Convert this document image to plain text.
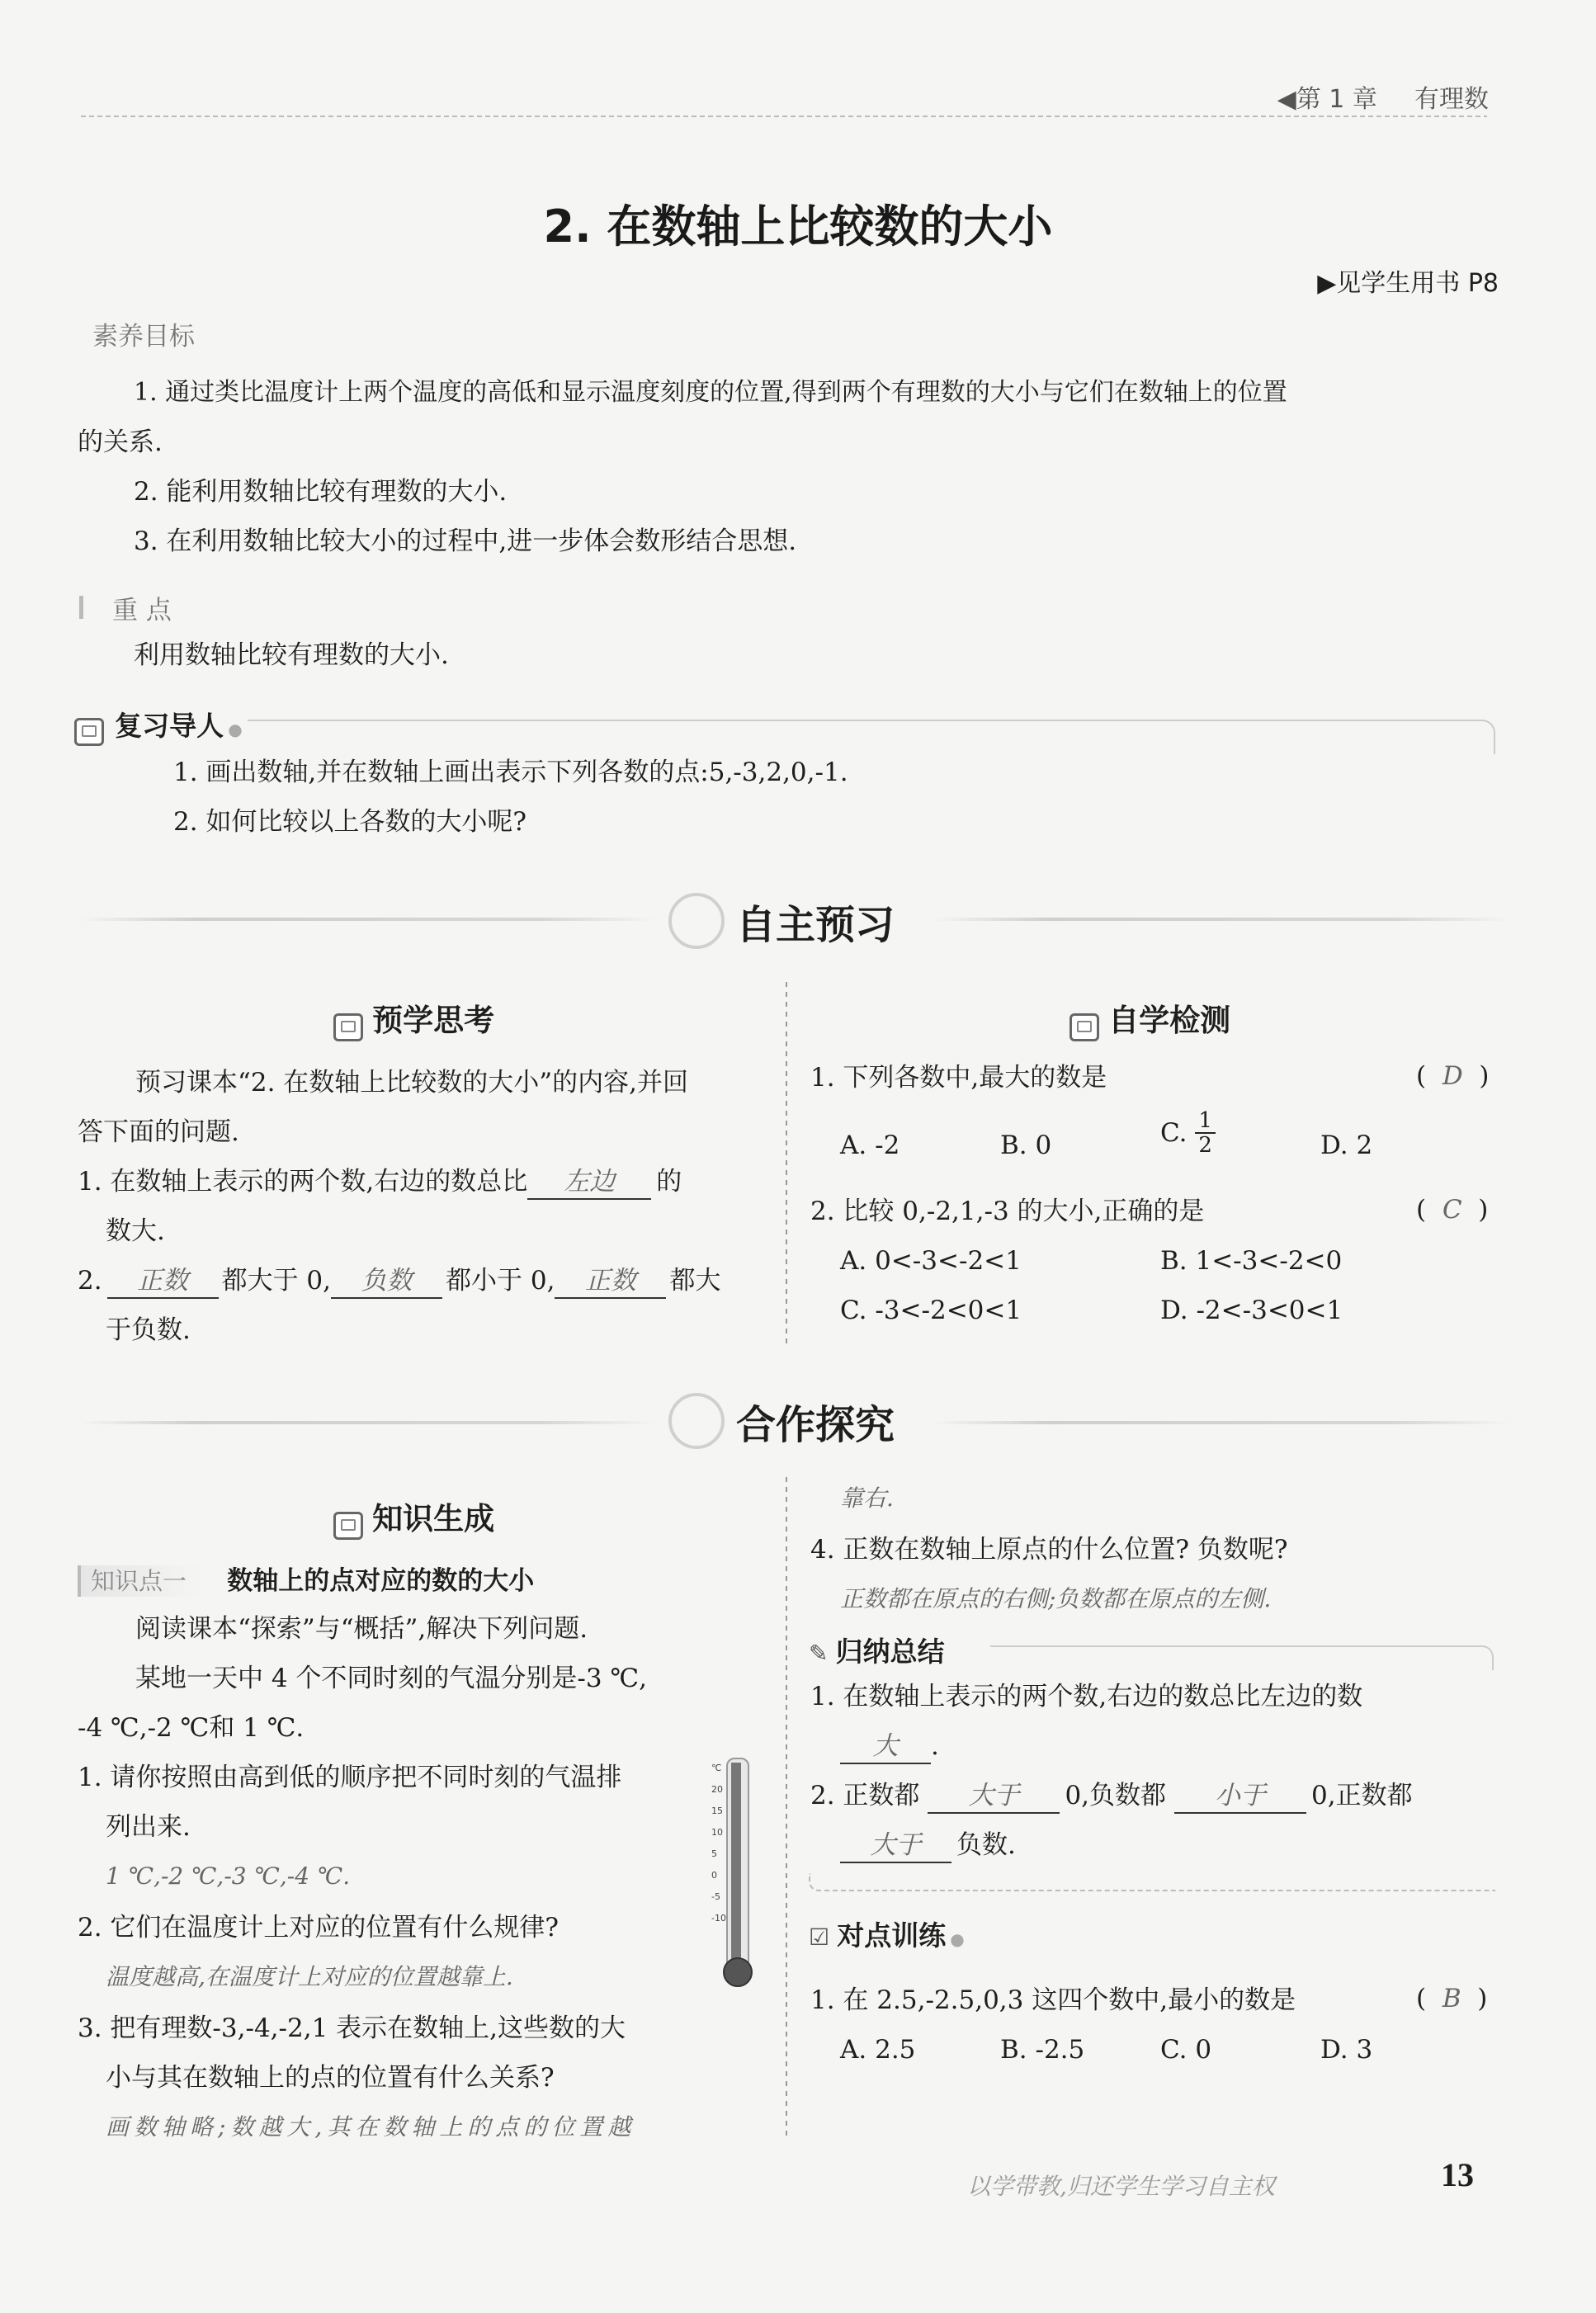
◀第 1 章 有理数
2. 在数轴上比较数的大小
▶见学生用书 P8
素养目标
1. 通过类比温度计上两个温度的高低和显示温度刻度的位置,得到两个有理数的大小与它们在数轴上的位置
的关系.
2. 能利用数轴比较有理数的大小.
3. 在利用数轴比较大小的过程中,进一步体会数形结合思想.
重 点
利用数轴比较有理数的大小.
复习导人 ●
1. 画出数轴,并在数轴上画出表示下列各数的点:5,-3,2,0,-1.
2. 如何比较以上各数的大小呢?
自主预习
预学思考
预习课本“2. 在数轴上比较数的大小”的内容,并回
答下面的问题.
1. 在数轴上表示的两个数,右边的数总比 左边 的
数大.
2. 正数 都大于 0, 负数 都小于 0, 正数 都大
于负数.
自学检测
1. 下列各数中,最大的数是	(  D  )
A. -2	B. 0	C. $\frac{1}{2}$	D. 2
2. 比较 0,-2,1,-3 的大小,正确的是	(  C  )
A. 0<-3<-2<1	B. 1<-3<-2<0
C. -3<-2<0<1	D. -2<-3<0<1
合作探究
知识生成
知识点一 数轴上的点对应的数的大小
阅读课本“探索”与“概括”,解决下列问题.
某地一天中 4 个不同时刻的气温分别是-3 ℃,
-4 ℃,-2 ℃和 1 ℃.
1. 请你按照由高到低的顺序把不同时刻的气温排
列出来.
1 ℃,-2 ℃,-3 ℃,-4 ℃.
2. 它们在温度计上对应的位置有什么规律?
温度越高,在温度计上对应的位置越靠上.
3. 把有理数-3,-4,-2,1 表示在数轴上,这些数的大
小与其在数轴上的点的位置有什么关系?
画数轴略;数越大,其在数轴上的点的位置越
℃
20
15
10
5
0
-5
-10
靠右.
4. 正数在数轴上原点的什么位置? 负数呢?
正数都在原点的右侧;负数都在原点的左侧.
✎ 归纳总结
1. 在数轴上表示的两个数,右边的数总比左边的数
大 .
2. 正数都 大于 0,负数都 小于 0,正数都
大于 负数.
☑ 对点训练 ●
1. 在 2.5,-2.5,0,3 这四个数中,最小的数是	(  B  )
A. 2.5	B. -2.5	C. 0	D. 3
以学带教,归还学生学习自主权	13
